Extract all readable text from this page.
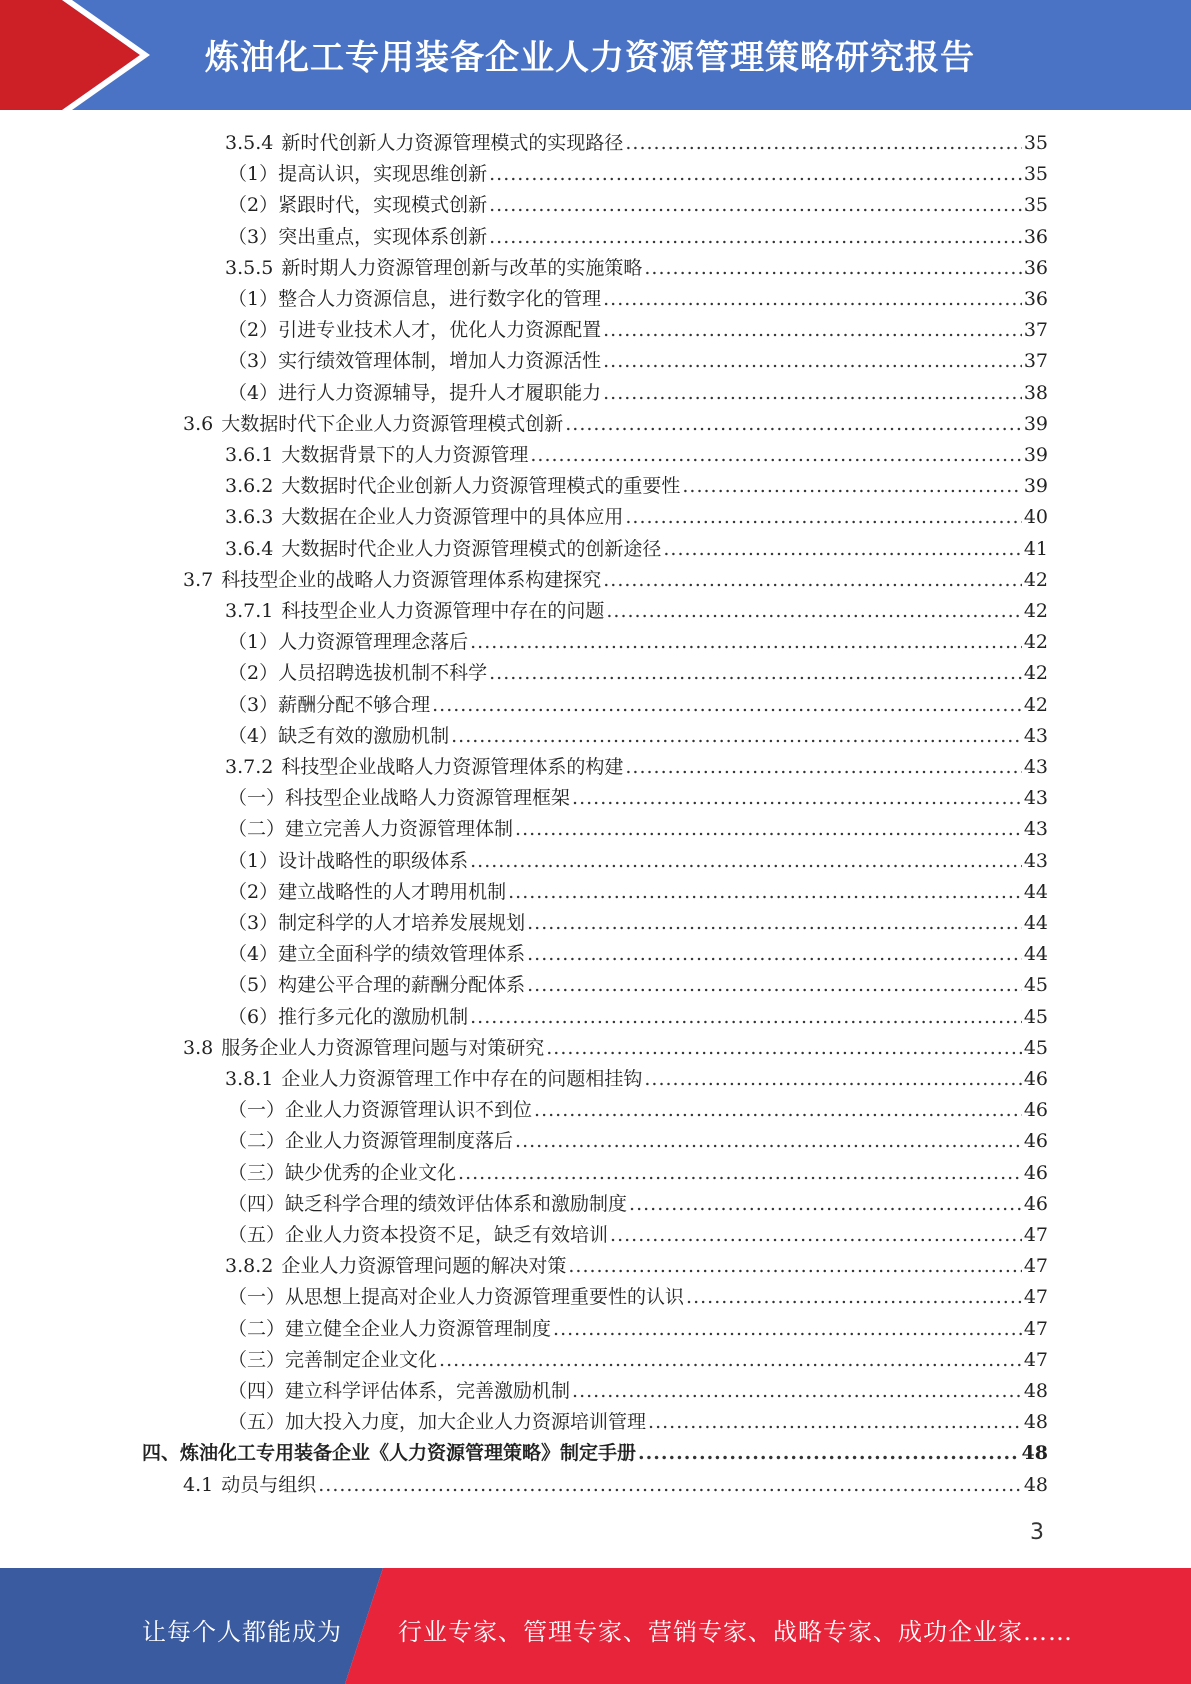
炼油化工专用装备企业人力资源管理策略研究报告
3.5.4 新时代创新人力资源管理模式的实现路径 .....	35
（1） 提高认识，实现思维创新 .....	35
（2） 紧跟时代，实现模式创新 .....	35
（3） 突出重点，实现体系创新 .....	36
3.5.5 新时期人力资源管理创新与改革的实施策略 .....	36
（1） 整合人力资源信息，进行数字化的管理 .....	36
（2） 引进专业技术人才，优化人力资源配置 .....	37
（3） 实行绩效管理体制，增加人力资源活性 .....	37
（4） 进行人力资源辅导，提升人才履职能力 .....	38
3.6 大数据时代下企业人力资源管理模式创新 .....	39
3.6.1 大数据背景下的人力资源管理 .....	39
3.6.2 大数据时代企业创新人力资源管理模式的重要性 .....	39
3.6.3 大数据在企业人力资源管理中的具体应用 .....	40
3.6.4 大数据时代企业人力资源管理模式的创新途径 .....	41
3.7 科技型企业的战略人力资源管理体系构建探究 .....	42
3.7.1 科技型企业人力资源管理中存在的问题 .....	42
（1） 人力资源管理理念落后 .....	42
（2） 人员招聘选拔机制不科学 .....	42
（3） 薪酬分配不够合理 .....	42
（4） 缺乏有效的激励机制 .....	43
3.7.2 科技型企业战略人力资源管理体系的构建 .....	43
（一） 科技型企业战略人力资源管理框架 .....	43
（二） 建立完善人力资源管理体制 .....	43
（1） 设计战略性的职级体系 .....	43
（2） 建立战略性的人才聘用机制 .....	44
（3） 制定科学的人才培养发展规划 .....	44
（4） 建立全面科学的绩效管理体系 .....	44
（5） 构建公平合理的薪酬分配体系 .....	45
（6） 推行多元化的激励机制 .....	45
3.8 服务企业人力资源管理问题与对策研究 .....	45
3.8.1 企业人力资源管理工作中存在的问题相挂钩 .....	46
（一） 企业人力资源管理认识不到位 .....	46
（二） 企业人力资源管理制度落后 .....	46
（三） 缺少优秀的企业文化 .....	46
（四） 缺乏科学合理的绩效评估体系和激励制度 .....	46
（五） 企业人力资本投资不足，缺乏有效培训 .....	47
3.8.2 企业人力资源管理问题的解决对策 .....	47
（一） 从思想上提高对企业人力资源管理重要性的认识 .....	47
（二） 建立健全企业人力资源管理制度 .....	47
（三） 完善制定企业文化 .....	47
（四） 建立科学评估体系，完善激励机制 .....	48
（五） 加大投入力度，加大企业人力资源培训管理 .....	48
四、 炼油化工专用装备企业《人力资源管理策略》制定手册 .....	48
4.1 动员与组织 .....	48
3
让每个人都能成为 行业专家、管理专家、营销专家、战略专家、成功企业家……
